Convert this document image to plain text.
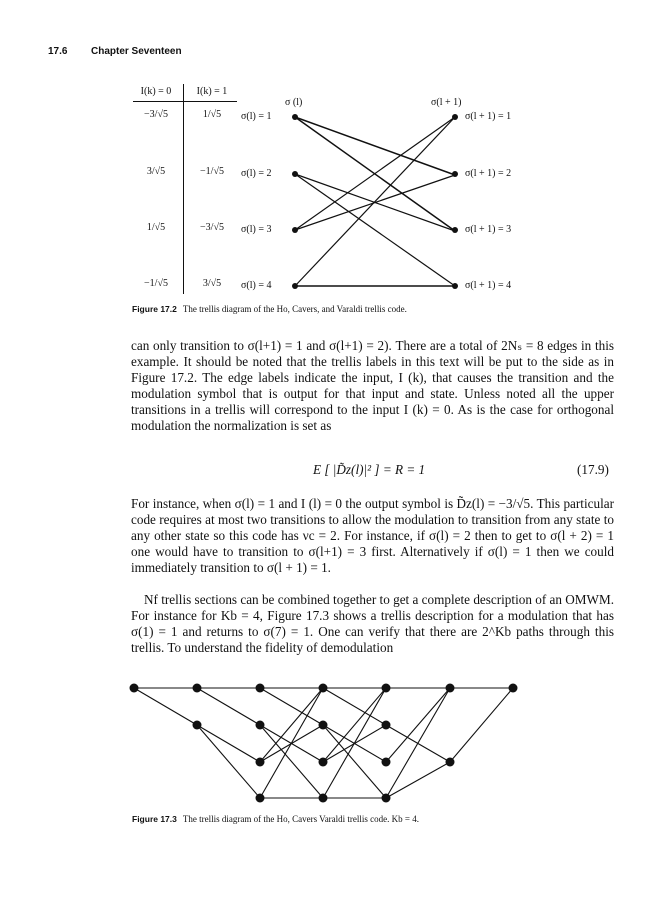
17.6 Chapter Seventeen
I(k) = 0	I(k) = 1
−3/√5	1/√5
3/√5	−1/√5
1/√5	−3/√5
−1/√5	3/√5
σ (l)	σ(l + 1)
σ(l) = 1
σ(l) = 2
σ(l) = 3
σ(l) = 4
σ(l + 1) = 1
σ(l + 1) = 2
σ(l + 1) = 3
σ(l + 1) = 4
Figure 17.2 The trellis diagram of the Ho, Cavers, and Varaldi trellis code.

can only transition to σ(l+1) = 1 and σ(l+1) = 2). There are a total of 2Nₛ = 8 edges in this example. It should be noted that the trellis labels in this text will be put to the side as in Figure 17.2. The edge labels indicate the input, I (k), that causes the transition and the modulation symbol that is output for that input and state. Unless noted all the upper transitions in a trellis will correspond to the input I (k) = 0. As is the case for orthogonal modulation the normalization is set as

E [ |D̃z(l)|² ] = R = 1	(17.9)

For instance, when σ(l) = 1 and I (l) = 0 the output symbol is D̃z(l) = −3/√5. This particular code requires at most two transitions to allow the modulation to transition from any state to any other state so this code has νc = 2. For instance, if σ(l) = 2 then to get to σ(l + 2) = 1 one would have to transition to σ(l+1) = 3 first. Alternatively if σ(l) = 1 then we could immediately transition to σ(l + 1) = 1.

Nf trellis sections can be combined together to get a complete description of an OMWM. For instance for Kb = 4, Figure 17.3 shows a trellis description for a modulation that has σ(1) = 1 and returns to σ(7) = 1. One can verify that there are 2^Kb paths through this trellis. To understand the fidelity of demodulation

Figure 17.3 The trellis diagram of the Ho, Cavers Varaldi trellis code. Kb = 4.
